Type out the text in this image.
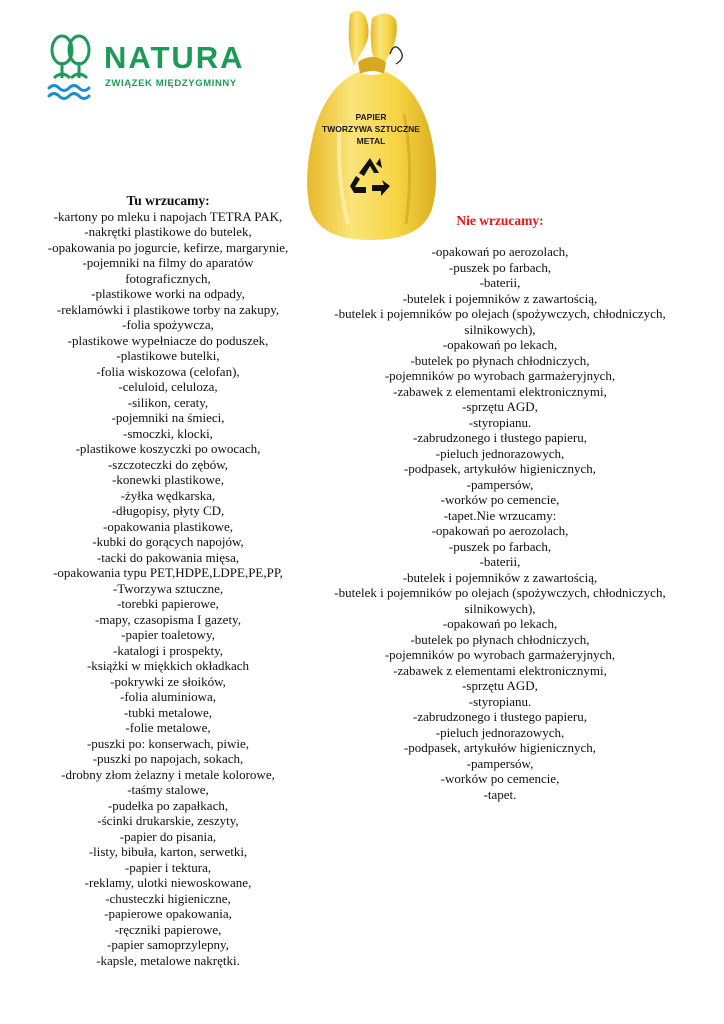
NATURA
ZWIĄZEK MIĘDZYGMINNY
PAPIER
TWORZYWA SZTUCZNE
METAL
Tu wrzucamy:
-kartony po mleku i napojach TETRA PAK,
-nakrętki plastikowe do butelek,
-opakowania po jogurcie, kefirze, margarynie,
-pojemniki na filmy do aparatów
fotograficznych,
-plastikowe worki na odpady,
-reklamówki i plastikowe torby na zakupy,
-folia spożywcza,
-plastikowe wypełniacze do poduszek,
-plastikowe butelki,
-folia wiskozowa (celofan),
-celuloid, celuloza,
-silikon, ceraty,
-pojemniki na śmieci,
-smoczki, klocki,
-plastikowe koszyczki po owocach,
-szczoteczki do zębów,
-konewki plastikowe,
-żyłka wędkarska,
-długopisy, płyty CD,
-opakowania plastikowe,
-kubki do gorących napojów,
-tacki do pakowania mięsa,
-opakowania typu PET,HDPE,LDPE,PE,PP,
-Tworzywa sztuczne,
-torebki papierowe,
-mapy, czasopisma I gazety,
-papier toaletowy,
-katalogi i prospekty,
-książki w miękkich okładkach
-pokrywki ze słoików,
-folia aluminiowa,
-tubki metalowe,
-folie metalowe,
-puszki po: konserwach, piwie,
-puszki po napojach, sokach,
-drobny złom żelazny i metale kolorowe,
-taśmy stalowe,
-pudełka po zapałkach,
-ścinki drukarskie, zeszyty,
-papier do pisania,
-listy, bibuła, karton, serwetki,
-papier i tektura,
-reklamy, ulotki niewoskowane,
-chusteczki higieniczne,
-papierowe opakowania,
-ręczniki papierowe,
-papier samoprzylepny,
-kapsle, metalowe nakrętki.
Nie wrzucamy:
-opakowań po aerozolach,
-puszek po farbach,
-baterii,
-butelek i pojemników z zawartością,
-butelek i pojemników po olejach (spożywczych, chłodniczych,
silnikowych),
-opakowań po lekach,
-butelek po płynach chłodniczych,
-pojemników po wyrobach garmażeryjnych,
-zabawek z elementami elektronicznymi,
-sprzętu AGD,
-styropianu.
-zabrudzonego i tłustego papieru,
-pieluch jednorazowych,
-podpasek, artykułów higienicznych,
-pampersów,
-worków po cemencie,
-tapet.Nie wrzucamy:
-opakowań po aerozolach,
-puszek po farbach,
-baterii,
-butelek i pojemników z zawartością,
-butelek i pojemników po olejach (spożywczych, chłodniczych,
silnikowych),
-opakowań po lekach,
-butelek po płynach chłodniczych,
-pojemników po wyrobach garmażeryjnych,
-zabawek z elementami elektronicznymi,
-sprzętu AGD,
-styropianu.
-zabrudzonego i tłustego papieru,
-pieluch jednorazowych,
-podpasek, artykułów higienicznych,
-pampersów,
-worków po cemencie,
-tapet.
